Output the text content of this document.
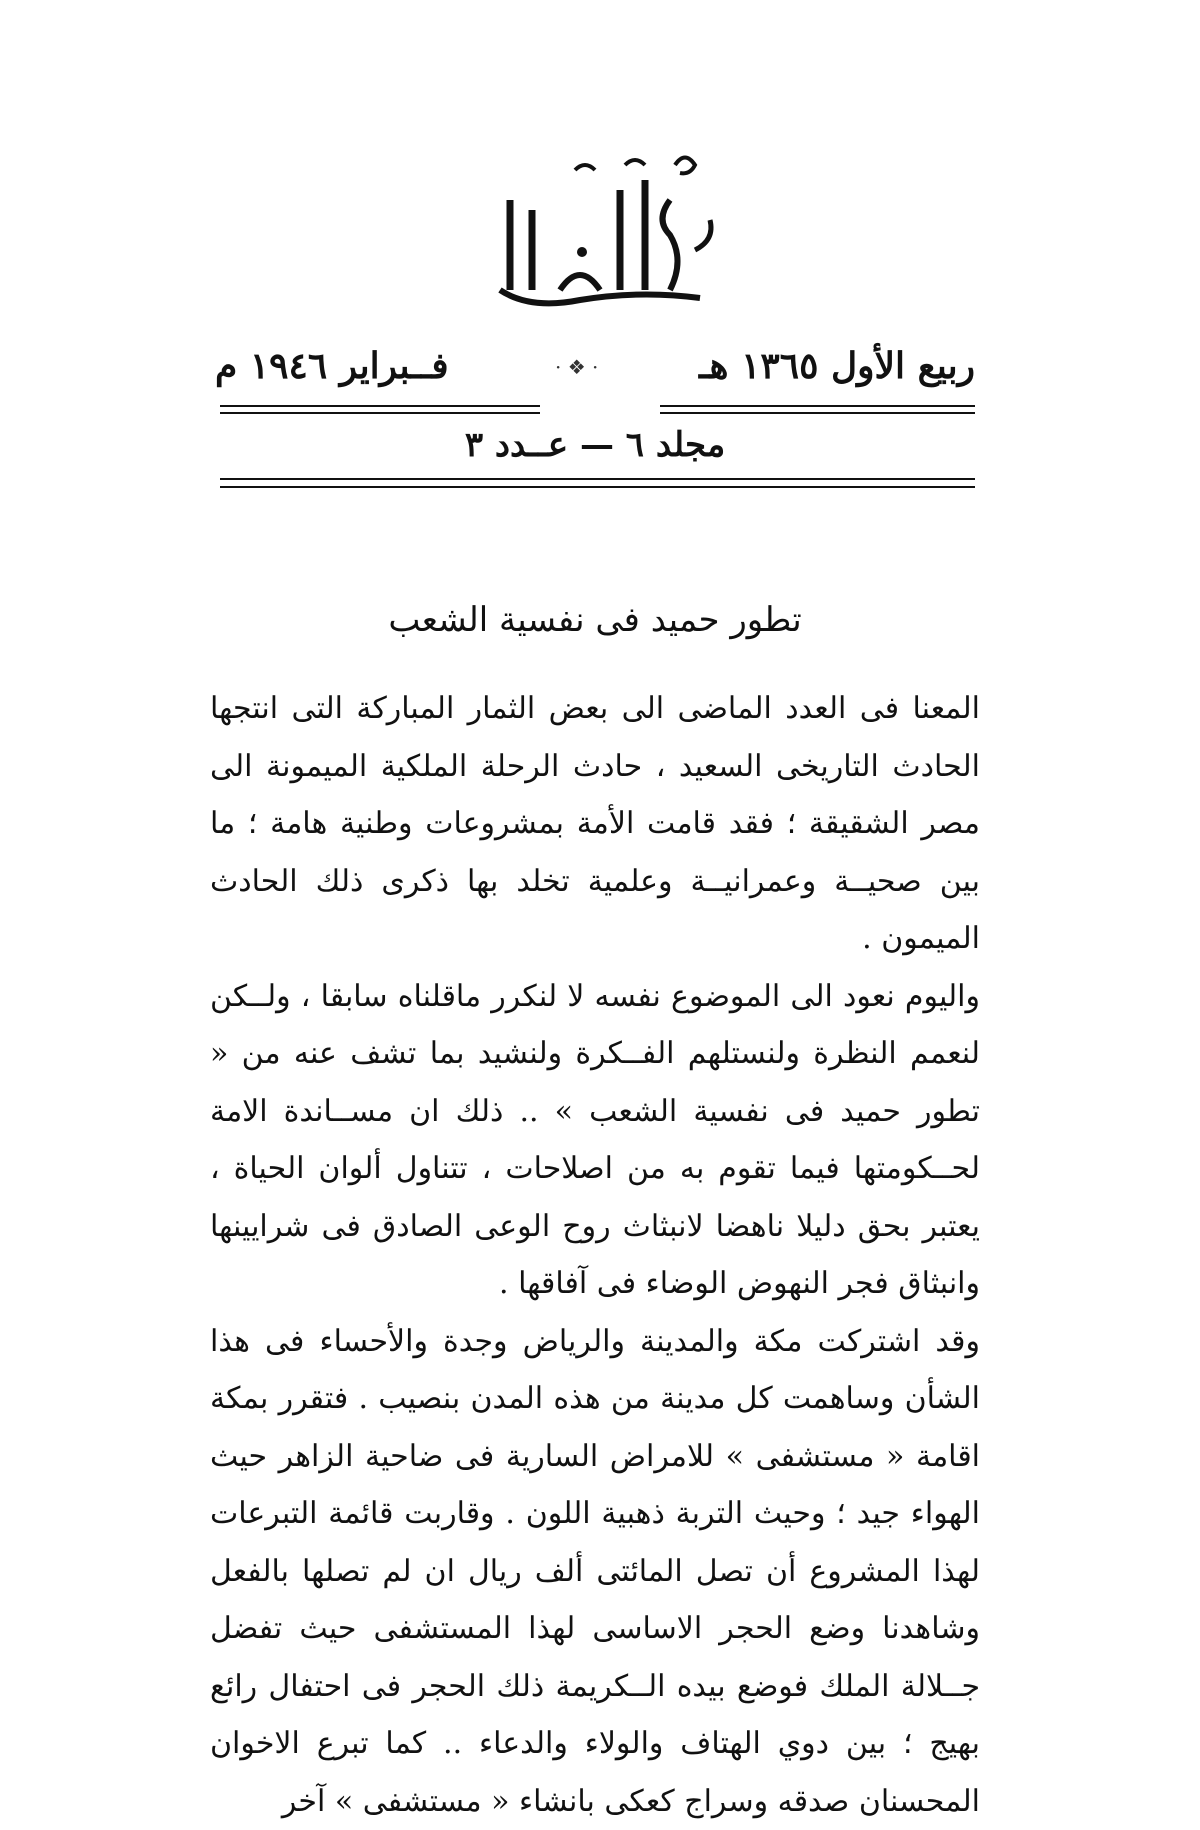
ربيع الأول ١٣٦٥ هـ
· ❖ ·
فــبراير ١٩٤٦ م
مجلد ٦ — عــدد ٣
تطور حميد فى نفسية الشعب

المعنا فى العدد الماضى الى بعض الثمار المباركة التى انتجها الحادث التاريخى السعيد ، حادث الرحلة الملكية الميمونة الى مصر الشقيقة ؛ فقد قامت الأمة بمشروعات وطنية هامة ؛ ما بين صحيــة وعمرانيــة وعلمية تخلد بها ذكرى ذلك الحادث الميمون .

واليوم نعود الى الموضوع نفسه لا لنكرر ماقلناه سابقا ، ولــكن لنعمم النظرة ولنستلهم الفــكرة ولنشيد بما تشف عنه من « تطور حميد فى نفسية الشعب » .. ذلك ان مســاندة الامة لحــكومتها فيما تقوم به من اصلاحات ، تتناول ألوان الحياة ، يعتبر بحق دليلا ناهضا لانبثاث روح الوعى الصادق فى شرايينها وانبثاق فجر النهوض الوضاء فى آفاقها .

وقد اشتركت مكة والمدينة والرياض وجدة والأحساء فى هذا الشأن وساهمت كل مدينة من هذه المدن بنصيب . فتقرر بمكة اقامة « مستشفى » للامراض السارية فى ضاحية الزاهر حيث الهواء جيد ؛ وحيث التربة ذهبية اللون . وقاربت قائمة التبرعات لهذا المشروع أن تصل المائتى ألف ريال ان لم تصلها بالفعل وشاهدنا وضع الحجر الاساسى لهذا المستشفى حيث تفضل جــلالة الملك فوضع بيده الــكريمة ذلك الحجر فى احتفال رائع بهيج ؛ بين دوي الهتاف والولاء والدعاء .. كما تبرع الاخوان المحسنان صدقه وسراج كعكى بانشاء « مستشفى » آخر
